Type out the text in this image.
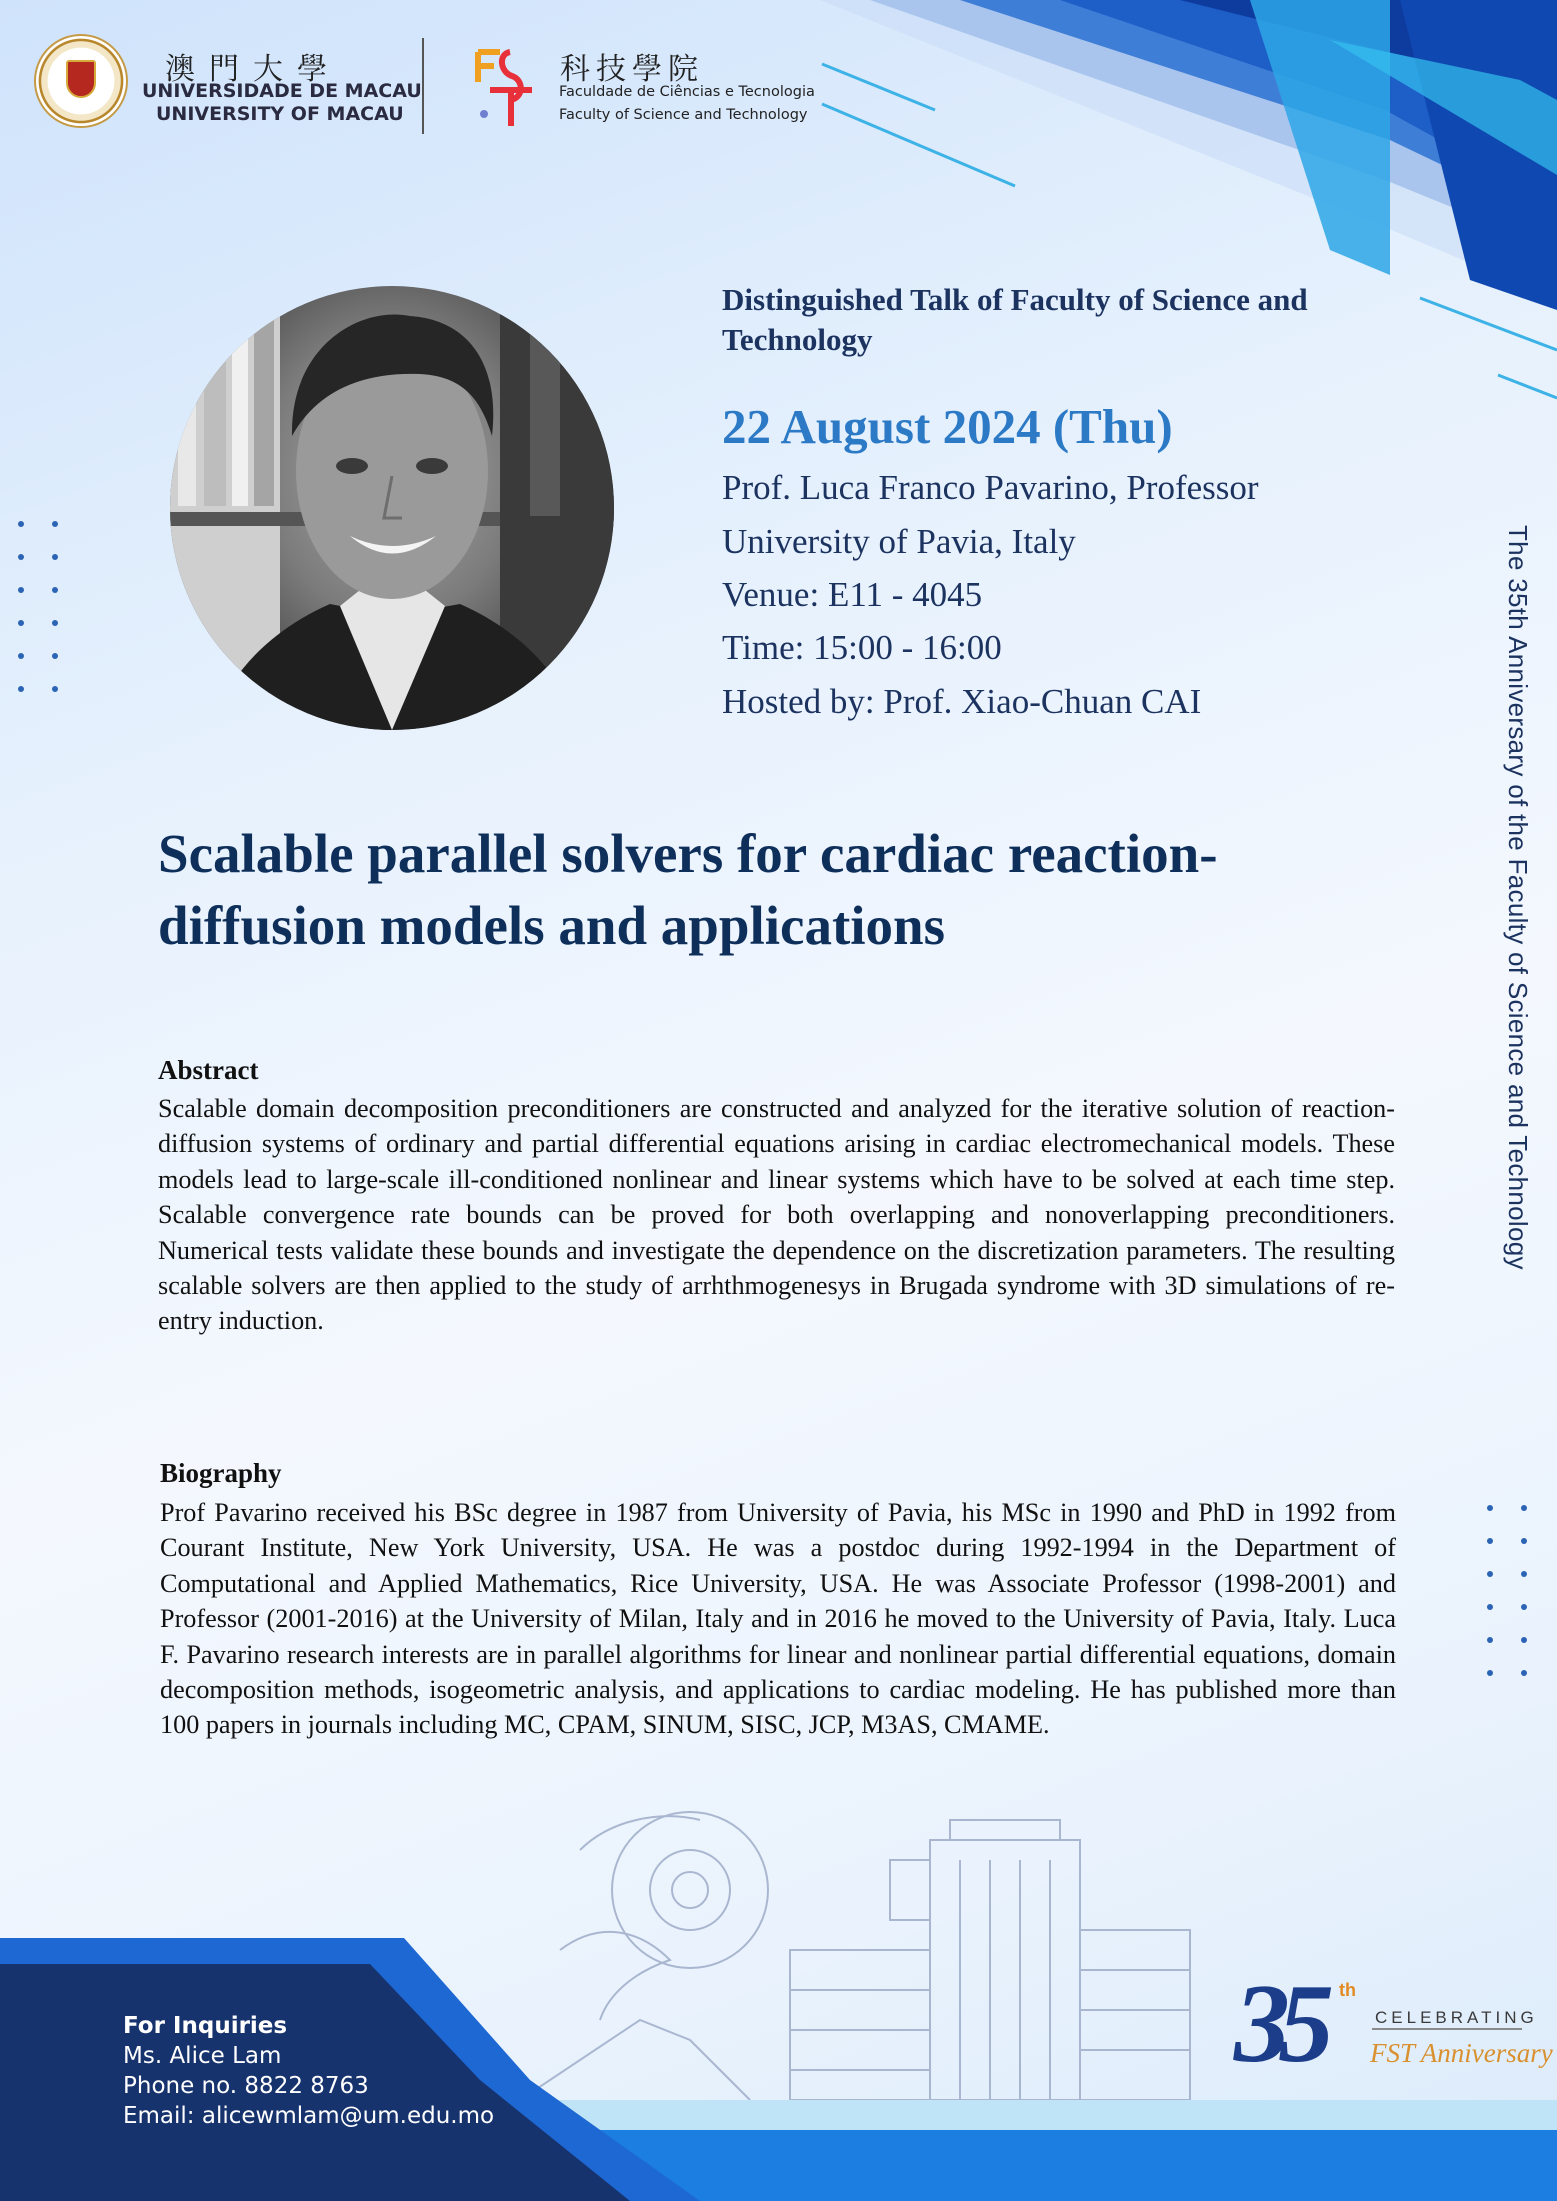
澳門大學
UNIVERSIDADE DE MACAU
UNIVERSITY OF MACAU
科技學院
Faculdade de Ciências e Tecnologia
Faculty of Science and Technology
Distinguished Talk of Faculty of Science and Technology
22 August 2024 (Thu)
Prof. Luca Franco Pavarino, Professor
University of Pavia, Italy
Venue: E11 - 4045
Time: 15:00 - 16:00
Hosted by: Prof. Xiao-Chuan CAI	The 35th Anniversary of the Faculty of Science and Technology
Scalable parallel solvers for cardiac reaction-diffusion models and applications
Abstract
Scalable domain decomposition preconditioners are constructed and analyzed for the iterative solution of reaction-diffusion systems of ordinary and partial differential equations arising in cardiac electromechanical models. These models lead to large-scale ill-conditioned nonlinear and linear systems which have to be solved at each time step. Scalable convergence rate bounds can be proved for both overlapping and nonoverlapping preconditioners. Numerical tests validate these bounds and investigate the dependence on the discretization parameters. The resulting scalable solvers are then applied to the study of arrhthmogenesys in Brugada syndrome with 3D simulations of re-entry induction.
Biography
Prof Pavarino received his BSc degree in 1987 from University of Pavia, his MSc in 1990 and PhD in 1992 from Courant Institute, New York University, USA. He was a postdoc during 1992-1994 in the Department of Computational and Applied Mathematics, Rice University, USA. He was Associate Professor (1998-2001) and Professor (2001-2016) at the University of Milan, Italy and in 2016 he moved to the University of Pavia, Italy. Luca F. Pavarino research interests are in parallel algorithms for linear and nonlinear partial differential equations, domain decomposition methods, isogeometric analysis, and applications to cardiac modeling. He has published more than 100 papers in journals including MC, CPAM, SINUM, SISC, JCP, M3AS, CMAME.
For Inquiries
Ms. Alice Lam
Phone no. 8822 8763
Email: alicewmlam@um.edu.mo
35 th
CELEBRATING
FST Anniversary
